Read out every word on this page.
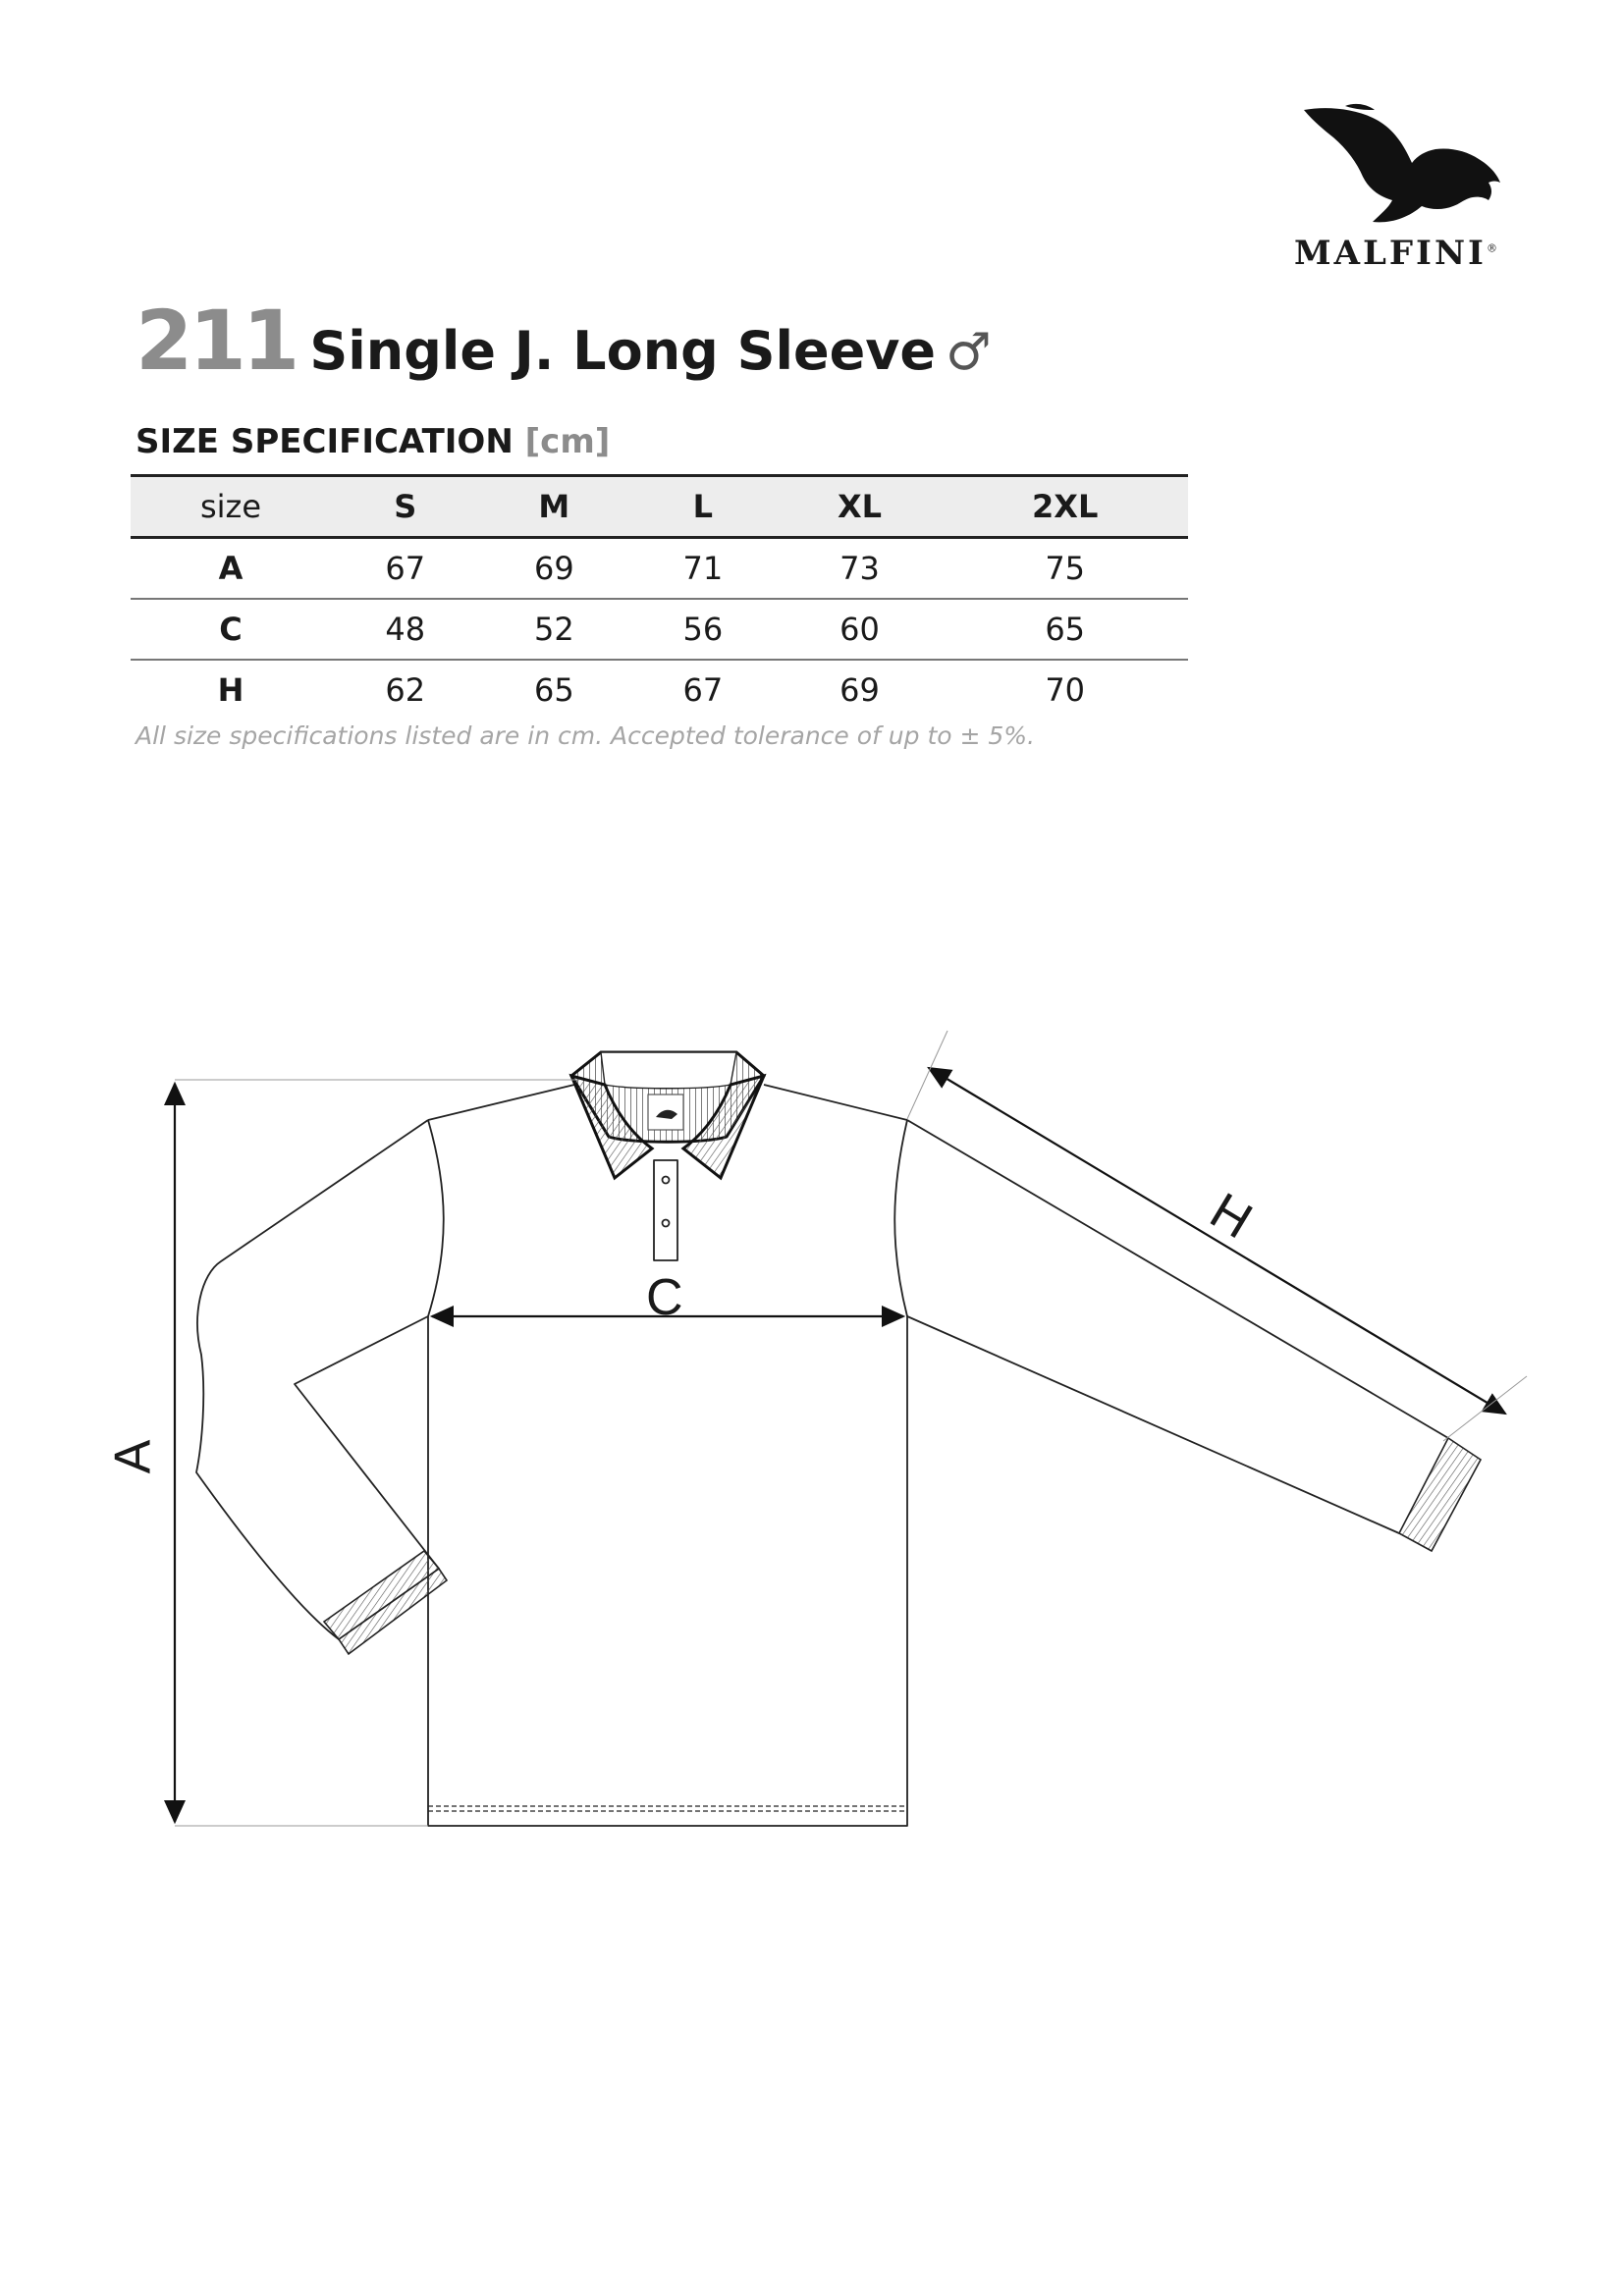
MALFINI®
211 Single J. Long Sleeve ♂
SIZE SPECIFICATION [cm]
size	S	M	L	XL	2XL
A	67	69	71	73	75
C	48	52	56	60	65
H	62	65	67	69	70
All size specifications listed are in cm. Accepted tolerance of up to ± 5%.
A
C
H
